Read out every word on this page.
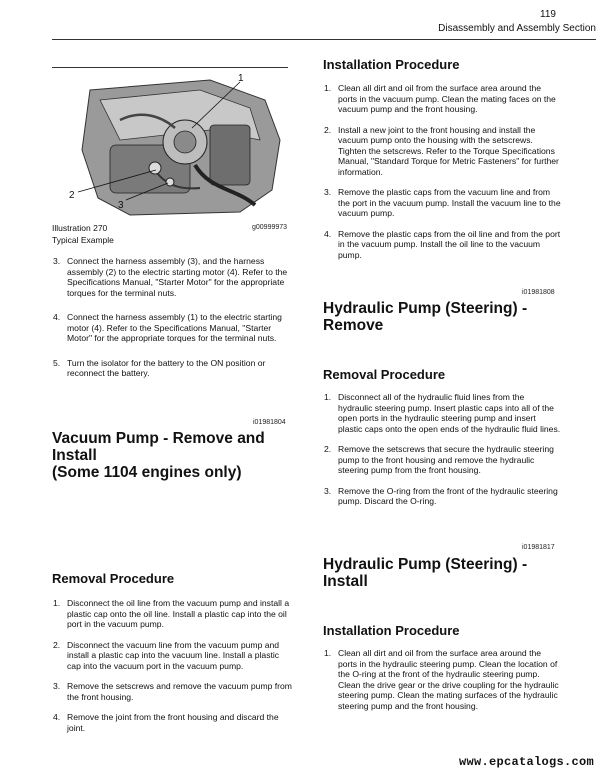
119
Disassembly and Assembly Section
1
2
3
Illustration 270	g00999973
Typical Example
3. Connect the harness assembly (3), and the harness assembly (2) to the electric starting motor (4). Refer to the Specifications Manual, "Starter Motor" for the appropriate torques for the terminal nuts.
4. Connect the harness assembly (1) to the electric starting motor (4). Refer to the Specifications Manual, "Starter Motor" for the appropriate torques for the terminal nuts.
5. Turn the isolator for the battery to the ON position or reconnect the battery.
i01981804
Vacuum Pump - Remove and
Install
(Some 1104 engines only)
Removal Procedure
1. Disconnect the oil line from the vacuum pump and install a plastic cap onto the oil line. Install a plastic cap into the oil port in the vacuum pump.
2. Disconnect the vacuum line from the vacuum pump and install a plastic cap into the vacuum line. Install a plastic cap into the vacuum port in the vacuum pump.
3. Remove the setscrews and remove the vacuum pump from the front housing.
4. Remove the joint from the front housing and discard the joint.
Installation Procedure
1. Clean all dirt and oil from the surface area around the ports in the vacuum pump. Clean the mating faces on the vacuum pump and the front housing.
2. Install a new joint to the front housing and install the vacuum pump onto the housing with the setscrews. Tighten the setscrews. Refer to the Torque Specifications Manual, "Standard Torque for Metric Fasteners" for further information.
3. Remove the plastic caps from the vacuum line and from the port in the vacuum pump. Install the vacuum line to the vacuum pump.
4. Remove the plastic caps from the oil line and from the port in the vacuum pump. Install the oil line to the vacuum pump.
i01981808
Hydraulic Pump (Steering) -
Remove
Removal Procedure
1. Disconnect all of the hydraulic fluid lines from the hydraulic steering pump. Insert plastic caps into all of the open ports in the hydraulic steering pump and insert plastic caps onto the open ends of the hydraulic fluid lines.
2. Remove the setscrews that secure the hydraulic steering pump to the front housing and remove the hydraulic steering pump from the front housing.
3. Remove the O-ring from the front of the hydraulic steering pump. Discard the O-ring.
i01981817
Hydraulic Pump (Steering) -
Install
Installation Procedure
1. Clean all dirt and oil from the surface area around the ports in the hydraulic steering pump. Clean the location of the O-ring at the front of the hydraulic steering pump. Clean the drive gear or the drive coupling for the hydraulic steering pump. Clean the mating surfaces of the hydraulic steering pump and the front housing.
www.epcatalogs.com
